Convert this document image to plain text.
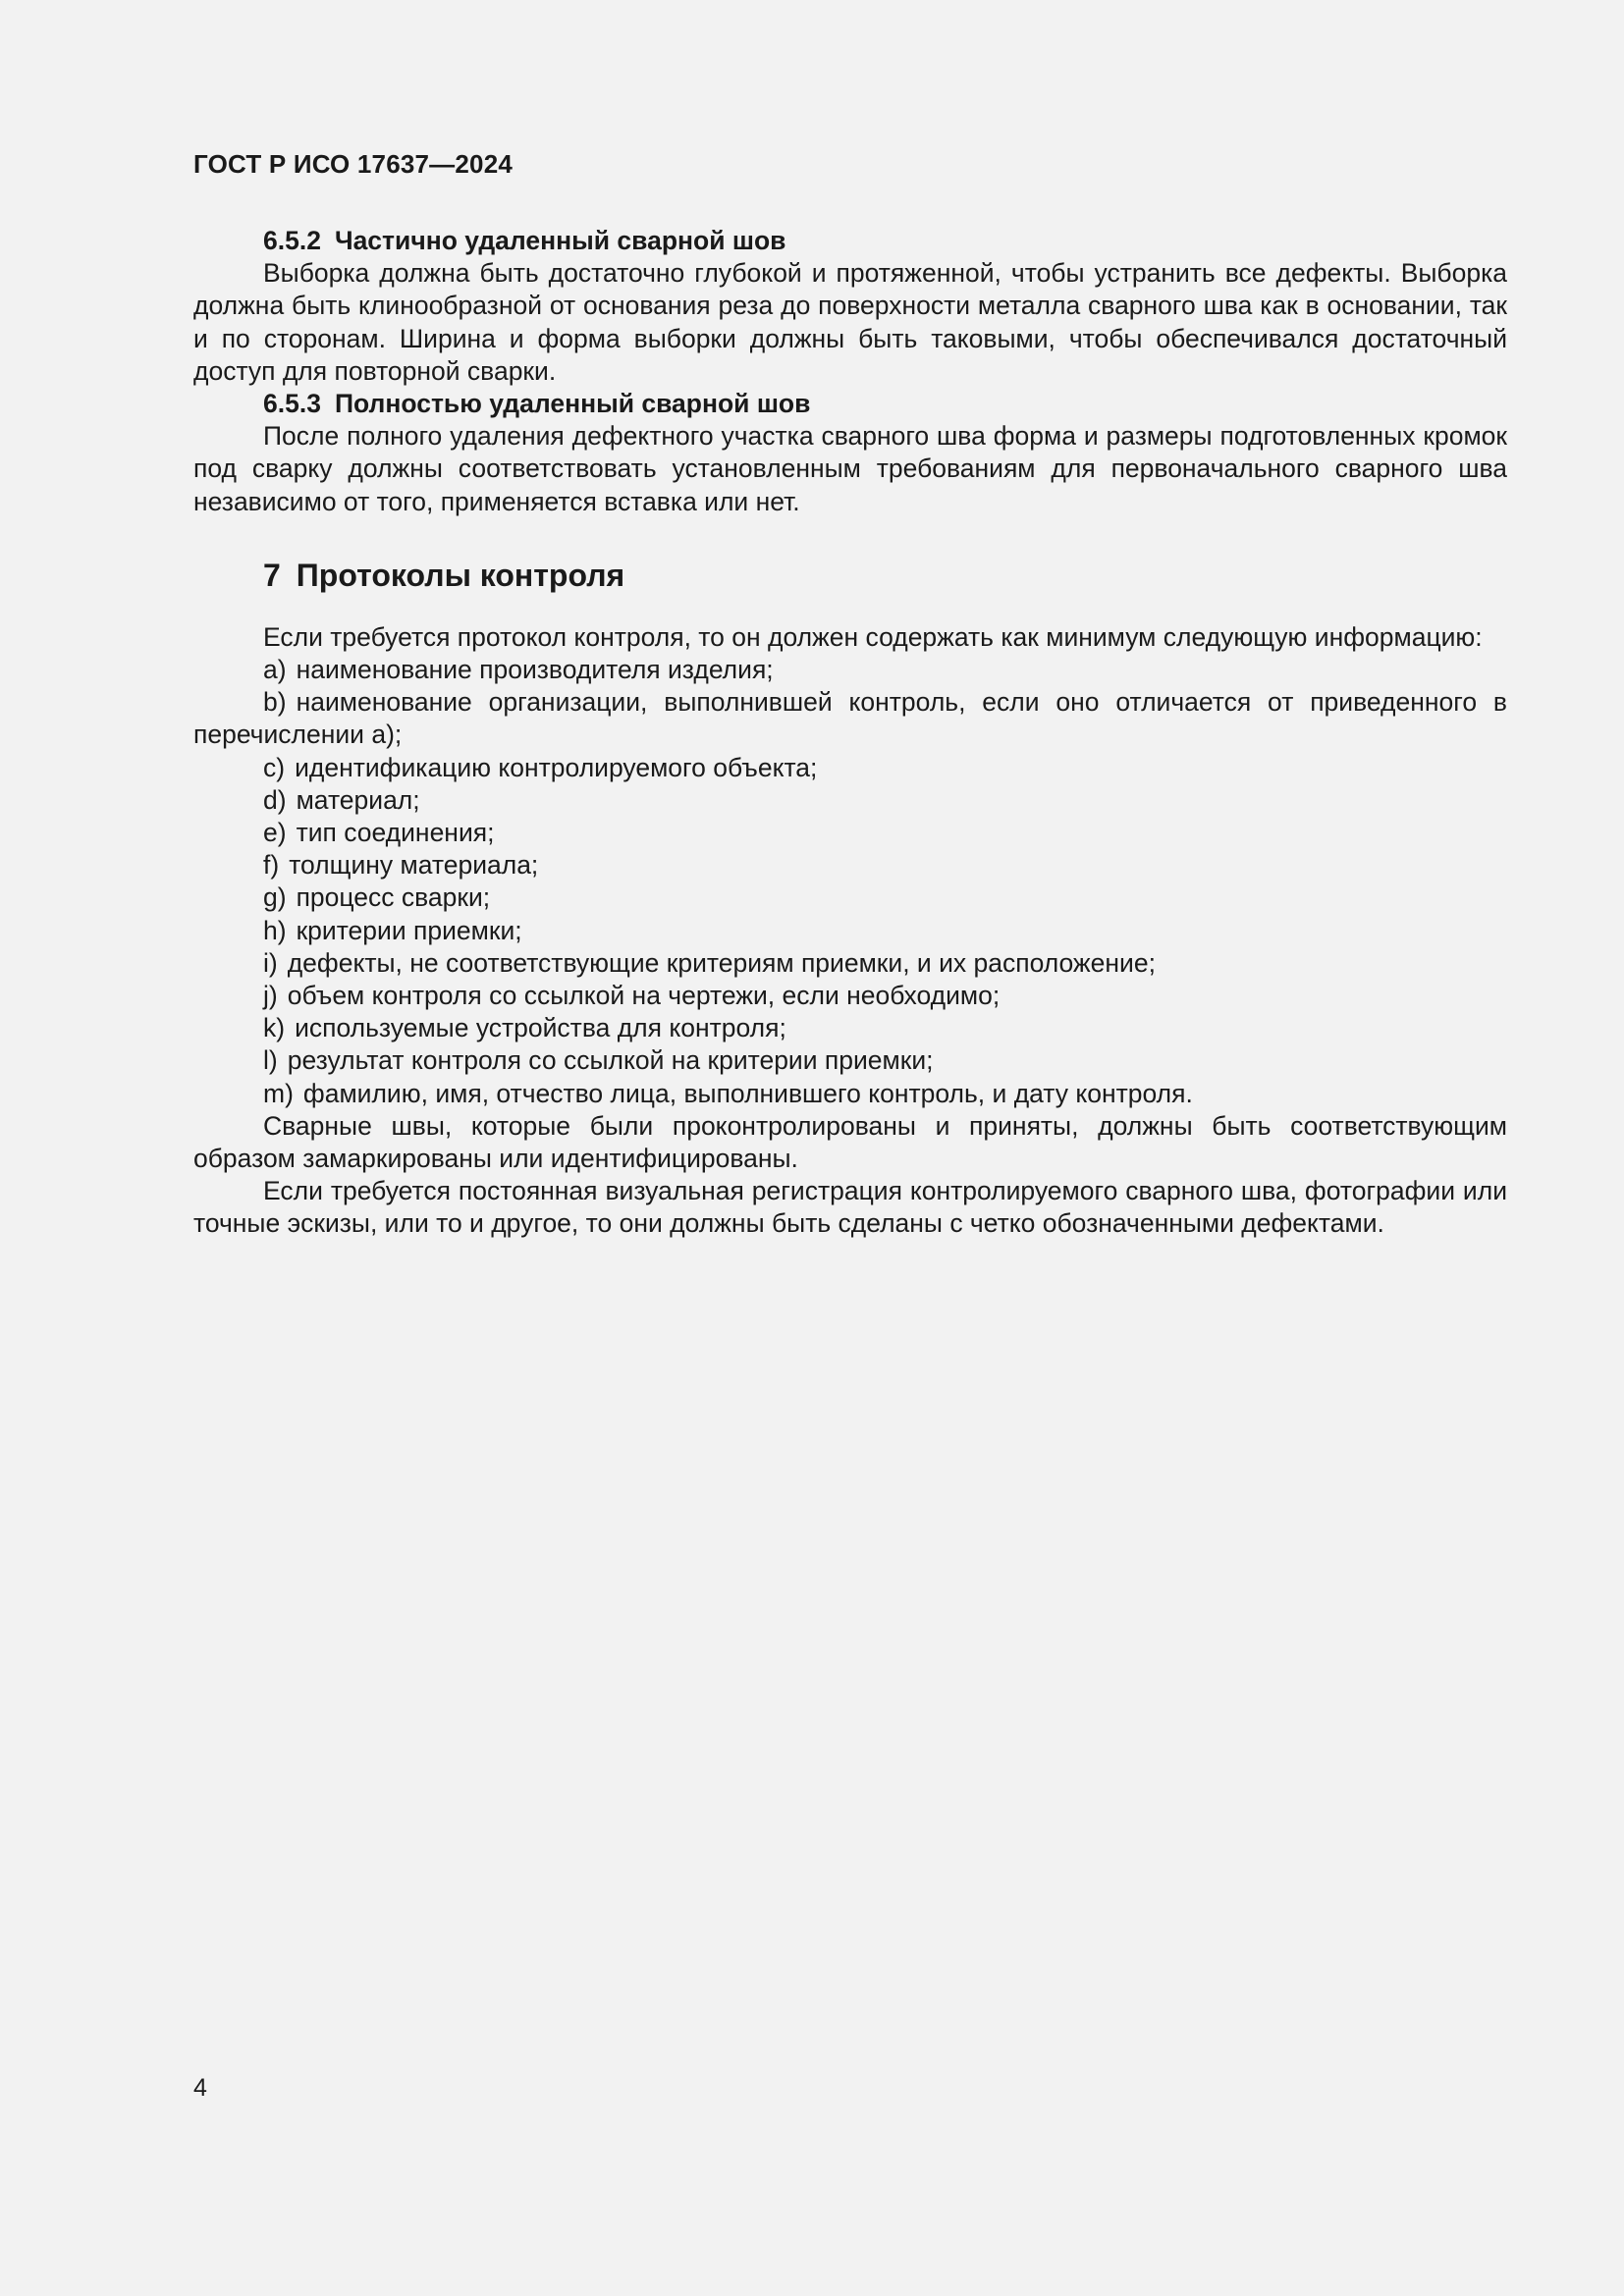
ГОСТ Р ИСО 17637—2024
6.5.2 Частично удаленный сварной шов

Выборка должна быть достаточно глубокой и протяженной, чтобы устранить все дефекты. Выборка должна быть клинообразной от основания реза до поверхности металла сварного шва как в основании, так и по сторонам. Ширина и форма выборки должны быть таковыми, чтобы обеспечивался достаточный доступ для повторной сварки.

6.5.3 Полностью удаленный сварной шов

После полного удаления дефектного участка сварного шва форма и размеры подготовленных кромок под сварку должны соответствовать установленным требованиям для первоначального сварного шва независимо от того, применяется вставка или нет.

7 Протоколы контроля

Если требуется протокол контроля, то он должен содержать как минимум следующую информацию:

a) наименование производителя изделия;
b) наименование организации, выполнившей контроль, если оно отличается от приведенного в перечислении а);
c) идентификацию контролируемого объекта;
d) материал;
e) тип соединения;
f) толщину материала;
g) процесс сварки;
h) критерии приемки;
i) дефекты, не соответствующие критериям приемки, и их расположение;
j) объем контроля со ссылкой на чертежи, если необходимо;
k) используемые устройства для контроля;
l) результат контроля со ссылкой на критерии приемки;
m) фамилию, имя, отчество лица, выполнившего контроль, и дату контроля.

Сварные швы, которые были проконтролированы и приняты, должны быть соответствующим образом замаркированы или идентифицированы.

Если требуется постоянная визуальная регистрация контролируемого сварного шва, фотографии или точные эскизы, или то и другое, то они должны быть сделаны с четко обозначенными дефектами.

4
